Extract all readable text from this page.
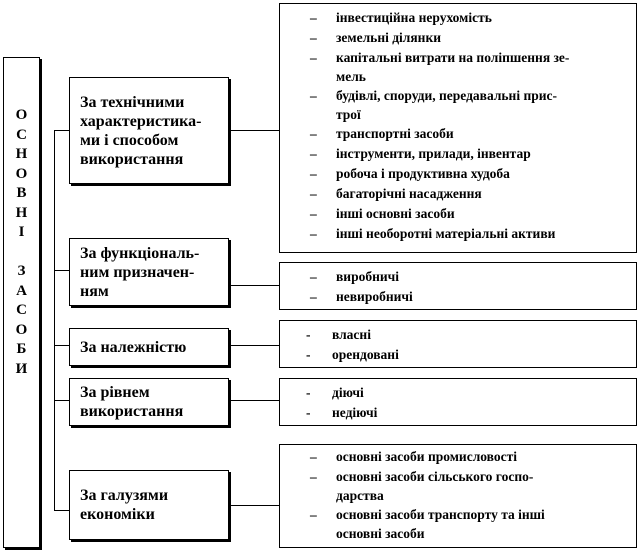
О
С
Н
О
В
Н
І
З
А
С
О
Б
И
За технічними
характеристика-
ми і способом
використання
За функціональ-
ним призначен-
ням
За належністю
За рівнем
використання
За галузями
економіки
– інвестиційна нерухомість
– земельні ділянки
– капітальні витрати на поліпшення зе-
мель
– будівлі, споруди, передавальні прис-
трої
– транспортні засоби
– інструменти, прилади, інвентар
– робоча і продуктивна худоба
– багаторічні насадження
– інші основні засоби
– інші необоротні матеріальні активи
– виробничі
– невиробничі
- власні
- орендовані
- діючі
- недіючі
– основні засоби промисловості
– основні засоби сільського госпо-
дарства
– основні засоби транспорту та інші
основні засоби
